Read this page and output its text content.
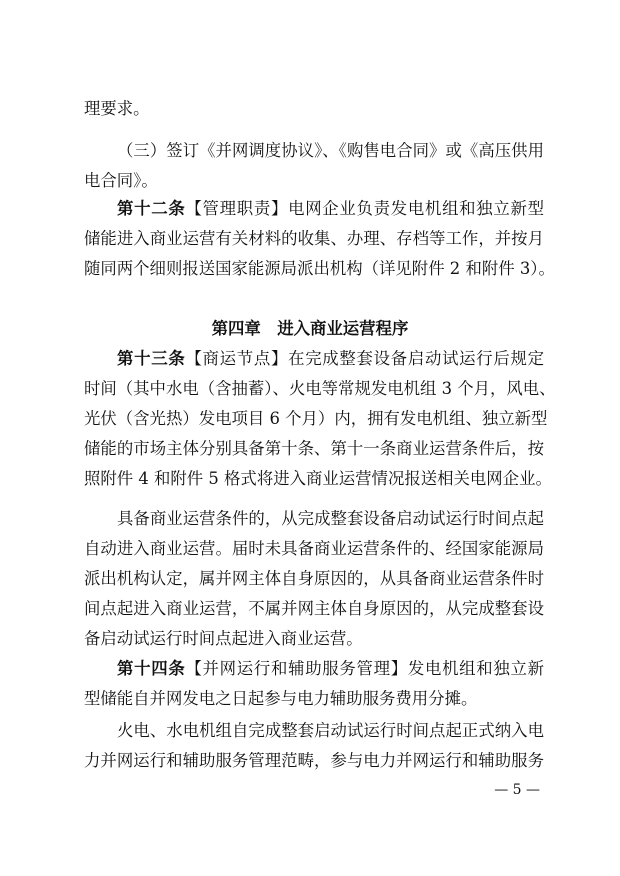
理要求。
（三）签订《并网调度协议》、《购售电合同》或《高压供用
电合同》。
第十二条【管理职责】电网企业负责发电机组和独立新型
储能进入商业运营有关材料的收集、办理、存档等工作，并按月
随同两个细则报送国家能源局派出机构（详见附件 2 和附件 3）。
第四章　进入商业运营程序
第十三条【商运节点】在完成整套设备启动试运行后规定
时间（其中水电（含抽蓄）、火电等常规发电机组 3 个月，风电、
光伏（含光热）发电项目 6 个月）内，拥有发电机组、独立新型
储能的市场主体分别具备第十条、第十一条商业运营条件后，按
照附件 4 和附件 5 格式将进入商业运营情况报送相关电网企业。
具备商业运营条件的，从完成整套设备启动试运行时间点起
自动进入商业运营。届时未具备商业运营条件的、经国家能源局
派出机构认定，属并网主体自身原因的，从具备商业运营条件时
间点起进入商业运营，不属并网主体自身原因的，从完成整套设
备启动试运行时间点起进入商业运营。
第十四条【并网运行和辅助服务管理】发电机组和独立新
型储能自并网发电之日起参与电力辅助服务费用分摊。
火电、水电机组自完成整套启动试运行时间点起正式纳入电
力并网运行和辅助服务管理范畴，参与电力并网运行和辅助服务
— 5 —
